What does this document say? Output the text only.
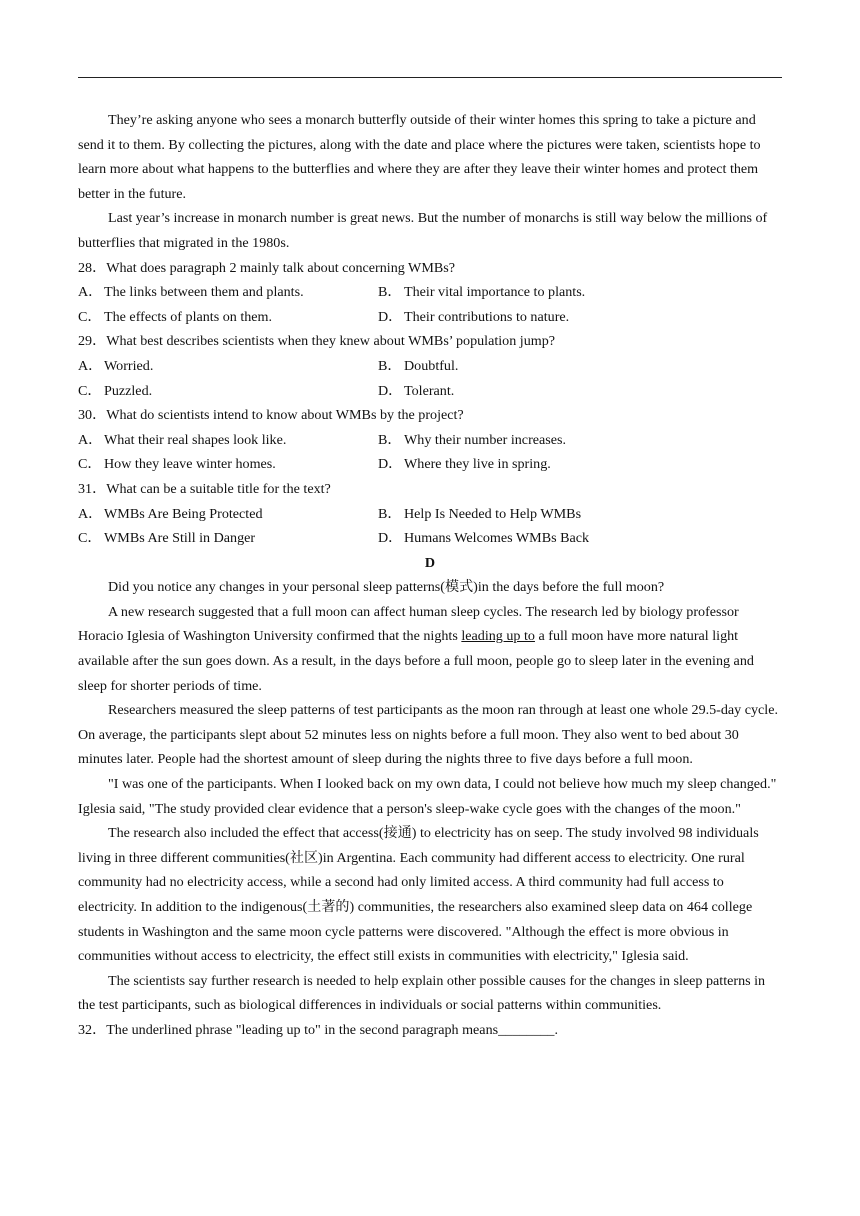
They’re asking anyone who sees a monarch butterfly outside of their winter homes this spring to take a picture and send it to them. By collecting the pictures, along with the date and place where the pictures were taken, scientists hope to learn more about what happens to the butterflies and where they are after they leave their winter homes and protect them better in the future.

Last year’s increase in monarch number is great news. But the number of monarchs is still way below the millions of butterflies that migrated in the 1980s.

28．What does paragraph 2 mainly talk about concerning WMBs?

A． The links between them and plants.	B． Their vital importance to plants.
C． The effects of plants on them.	D． Their contributions to nature.

29．What best describes scientists when they knew about WMBs’ population jump?

A． Worried.	B． Doubtful.
C． Puzzled.	D． Tolerant.

30．What do scientists intend to know about WMBs by the project?

A． What their real shapes look like.	B． Why their number increases.
C． How they leave winter homes.	D． Where they live in spring.

31．What can be a suitable title for the text?

A． WMBs Are Being Protected	B． Help Is Needed to Help WMBs
C． WMBs Are Still in Danger	D． Humans Welcomes WMBs Back

D

Did you notice any changes in your personal sleep patterns(模式)in the days before the full moon?

A new research suggested that a full moon can affect human sleep cycles. The research led by biology professor Horacio Iglesia of Washington University confirmed that the nights leading up to a full moon have more natural light available after the sun goes down. As a result, in the days before a full moon, people go to sleep later in the evening and sleep for shorter periods of time.

Researchers measured the sleep patterns of test participants as the moon ran through at least one whole 29.5-day cycle. On average, the participants slept about 52 minutes less on nights before a full moon. They also went to bed about 30 minutes later. People had the shortest amount of sleep during the nights three to five days before a full moon.

"I was one of the participants. When I looked back on my own data, I could not believe how much my sleep changed." Iglesia said, "The study provided clear evidence that a person's sleep-wake cycle goes with the changes of the moon."

The research also included the effect that access(接通) to electricity has on seep. The study involved 98 individuals living in three different communities(社区)in Argentina. Each community had different access to electricity. One rural community had no electricity access, while a second had only limited access. A third community had full access to electricity. In addition to the indigenous(土著的) communities, the researchers also examined sleep data on 464 college students in Washington and the same moon cycle patterns were discovered. "Although the effect is more obvious in communities without access to electricity, the effect still exists in communities with electricity," Iglesia said.

The scientists say further research is needed to help explain other possible causes for the changes in sleep patterns in the test participants, such as biological differences in individuals or social patterns within communities.

32．The underlined phrase "leading up to" in the second paragraph means________.
